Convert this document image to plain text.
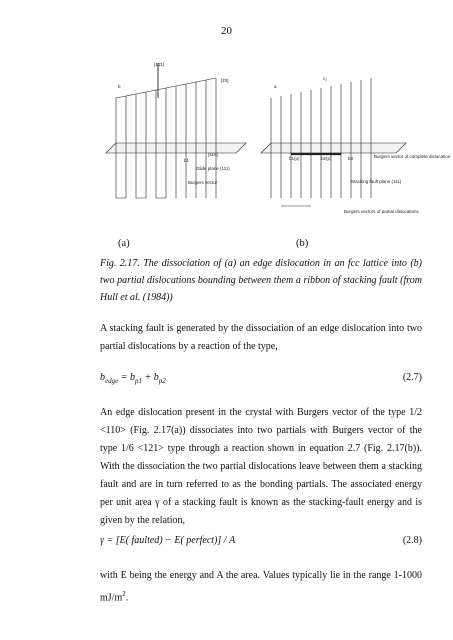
20
[1̄1̄1]
[1̄0]
[110]
b1
Glide plane (111)
Burgers vector
c₂
b1(p)	b2(p)	b3
Stacking fault plane (111)
Burgers vector of complete dislocation
Burgers vectors of partial dislocations
b	a
(a)	(b)
Fig. 2.17. The dissociation of (a) an edge dislocation in an fcc lattice into (b) two partial dislocations bounding between them a ribbon of stacking fault (from Hull et al. (1984))
A stacking fault is generated by the dissociation of an edge dislocation into two partial dislocations by a reaction of the type,
$b_{edge} = b_{p1} + b_{p2}$	(2.7)
An edge dislocation present in the crystal with Burgers vector of the type 1/2 <110> (Fig. 2.17(a)) dissociates into two partials with Burgers vector of the type 1/6 <121> type through a reaction shown in equation 2.7 (Fig. 2.17(b)). With the dissociation the two partial dislocations leave between them a stacking fault and are in turn referred to as the bonding partials. The associated energy per unit area γ of a stacking fault is known as the stacking-fault energy and is given by the relation,
γ = [E( faulted) − E( perfect)] / A	(2.8)
with E being the energy and A the area. Values typically lie in the range 1-1000 $mJ/m^2$.
